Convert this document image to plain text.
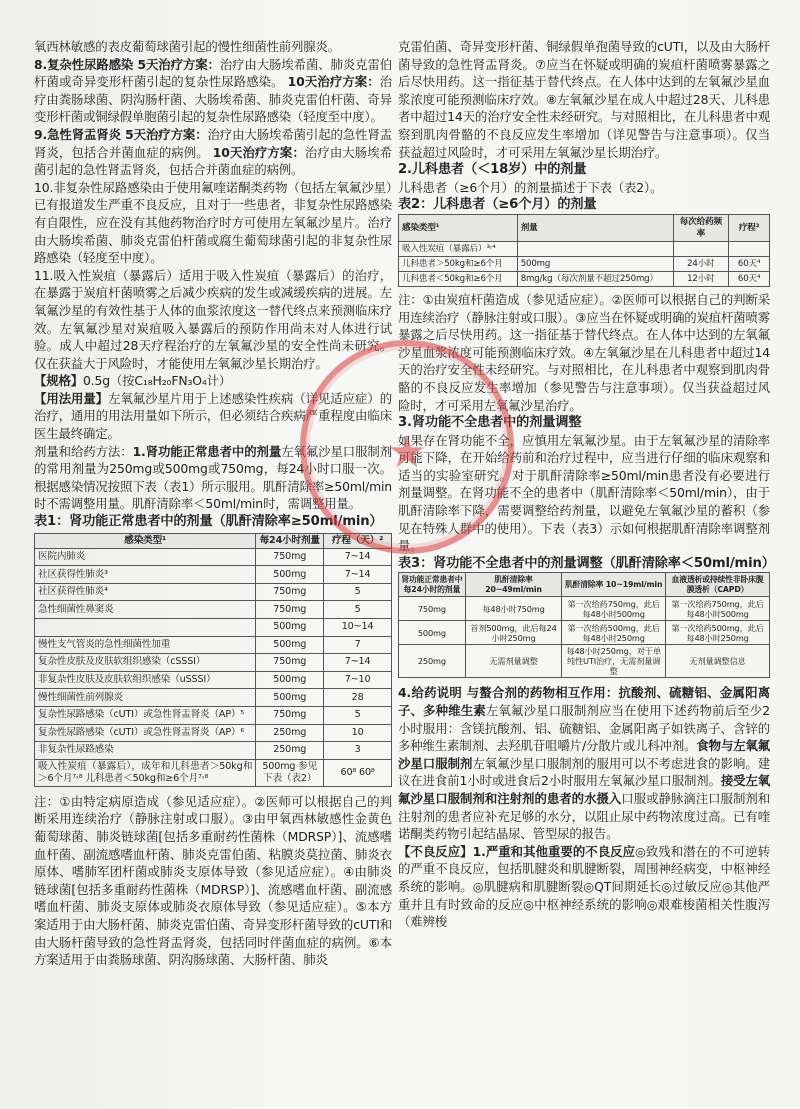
氧西林敏感的表皮葡萄球菌引起的慢性细菌性前列腺炎。

8.复杂性尿路感染 5天治疗方案：治疗由大肠埃希菌、肺炎克雷伯杆菌或奇异变形杆菌引起的复杂性尿路感染。 10天治疗方案：治疗由粪肠球菌、阴沟肠杆菌、大肠埃希菌、肺炎克雷伯杆菌、奇异变形杆菌或铜绿假单胞菌引起的复杂性尿路感染（轻度至中度）。

9.急性肾盂肾炎 5天治疗方案：治疗由大肠埃希菌引起的急性肾盂肾炎，包括合并菌血症的病例。 10天治疗方案：治疗由大肠埃希菌引起的急性肾盂肾炎，包括合并菌血症的病例。

10.非复杂性尿路感染由于使用氟喹诺酮类药物（包括左氧氟沙星）已有报道发生严重不良反应，且对于一些患者，非复杂性尿路感染有自限性，应在没有其他药物治疗时方可使用左氧氟沙星片。治疗由大肠埃希菌、肺炎克雷伯杆菌或腐生葡萄球菌引起的非复杂性尿路感染（轻度至中度）。

11.吸入性炭疽（暴露后）适用于吸入性炭疽（暴露后）的治疗，在暴露于炭疽杆菌喷雾之后减少疾病的发生或减缓疾病的进展。左氧氟沙星的有效性基于人体的血浆浓度这一替代终点来预测临床疗效。左氧氟沙星对炭疽吸入暴露后的预防作用尚未对人体进行试验。成人中超过28天疗程治疗的左氧氟沙星的安全性尚未研究。仅在获益大于风险时，才能使用左氧氟沙星长期治疗。

【规格】0.5g（按C₁₈H₂₀FN₃O₄计）

【用法用量】左氧氟沙星片用于上述感染性疾病（详见适应症）的治疗，通用的用法用量如下所示，但必须结合疾病严重程度由临床医生最终确定。

剂量和给药方法：1.肾功能正常患者中的剂量左氧氟沙星口服制剂的常用剂量为250mg或500mg或750mg，每24小时口服一次。根据感染情况按照下表（表1）所示服用。肌酐清除率≥50ml/min时不需调整用量。肌酐清除率＜50ml/min时，需调整用量。

表1：肾功能正常患者中的剂量（肌酐清除率≥50ml/min）

感染类型¹	每24小时剂量	疗程（天）²
医院内肺炎	750mg	7~14
社区获得性肺炎³	500mg	7~14
社区获得性肺炎⁴	750mg	5
急性细菌性鼻窦炎	750mg	5
	500mg	10~14
慢性支气管炎的急性细菌性加重	500mg	7
复杂性皮肤及皮肤软组织感染（cSSSI）	750mg	7~14
非复杂性皮肤及皮肤软组织感染（uSSSI）	500mg	7~10
慢性细菌性前列腺炎	500mg	28
复杂性尿路感染（cUTI）或急性肾盂肾炎（AP）⁵	750mg	5
复杂性尿路感染（cUTI）或急性肾盂肾炎（AP）⁶	250mg	10
非复杂性尿路感染	250mg	3
吸入性炭疽（暴露后），成年和儿科患者＞50kg和＞6个月⁷˒⁸ 儿科患者＜50kg和≥6个月⁷˒⁸	500mg 参见下表（表2）	60⁸ 60⁸

注：①由特定病原造成（参见适应症）。②医师可以根据自己的判断采用连续治疗（静脉注射或口服）。③由甲氧西林敏感性金黄色葡萄球菌、肺炎链球菌[包括多重耐药性菌株（MDRSP）]、流感嗜血杆菌、副流感嗜血杆菌、肺炎克雷伯菌、粘膜炎莫拉菌、肺炎衣原体、嗜肺军团杆菌或肺炎支原体导致（参见适应症）。④由肺炎链球菌[包括多重耐药性菌株（MDRSP）]、流感嗜血杆菌、副流感嗜血杆菌、肺炎支原体或肺炎衣原体导致（参见适应症）。⑤本方案适用于由大肠杆菌、肺炎克雷伯菌、奇异变形杆菌导致的cUTI和由大肠杆菌导致的急性肾盂肾炎，包括同时伴菌血症的病例。⑥本方案适用于由粪肠球菌、阴沟肠球菌、大肠杆菌、肺炎

克雷伯菌、奇异变形杆菌、铜绿假单孢菌导致的cUTI，以及由大肠杆菌导致的急性肾盂肾炎。⑦应当在怀疑或明确的炭疽杆菌喷雾暴露之后尽快用药。这一指征基于替代终点。在人体中达到的左氧氟沙星血浆浓度可能预测临床疗效。⑧左氧氟沙星在成人中超过28天、儿科患者中超过14天的治疗安全性未经研究。与对照相比，在儿科患者中观察到肌肉骨骼的不良反应发生率增加（详见警告与注意事项）。仅当获益超过风险时，才可采用左氧氟沙星长期治疗。

2.儿科患者（＜18岁）中的剂量

儿科患者（≥6个月）的剂量描述于下表（表2）。

表2：儿科患者（≥6个月）的剂量

感染类型¹	剂量	每次给药频率	疗程²
吸入性炭疽（暴露后）³˒⁴			
儿科患者＞50kg和≥6个月	500mg	24小时	60天⁴
儿科患者＜50kg和≥6个月	8mg/kg（每次剂量不超过250mg）	12小时	60天⁴

注：①由炭疽杆菌造成（参见适应症）。②医师可以根据自己的判断采用连续治疗（静脉注射或口服）。③应当在怀疑或明确的炭疽杆菌喷雾暴露之后尽快用药。这一指征基于替代终点。在人体中达到的左氧氟沙星血浆浓度可能预测临床疗效。④左氧氟沙星在儿科患者中超过14天的治疗安全性未经研究。与对照相比，在儿科患者中观察到肌肉骨骼的不良反应发生率增加（参见警告与注意事项）。仅当获益超过风险时，才可采用左氧氟沙星治疗。

3.肾功能不全患者中的剂量调整

如果存在肾功能不全，应慎用左氧氟沙星。由于左氧氟沙星的清除率可能下降，在开始给药前和治疗过程中，应当进行仔细的临床观察和适当的实验室研究。对于肌酐清除率≥50ml/min患者没有必要进行剂量调整。在肾功能不全的患者中（肌酐清除率＜50ml/min），由于肌酐清除率下降，需要调整给药剂量，以避免左氧氟沙星的蓄积（参见在特殊人群中的使用）。下表（表3）示如何根据肌酐清除率调整剂量。

表3：肾功能不全患者中的剂量调整（肌酐清除率＜50ml/min）

肾功能正常患者中每24小时的剂量	肌酐清除率 20~49ml/min	肌酐清除率 10~19ml/min	血液透析或持续性非卧床腹膜透析（CAPD）
750mg	每48小时750mg	第一次给药750mg，此后每48小时500mg	第一次给药750mg，此后每48小时500mg
500mg	首剂500mg，此后每24小时250mg	第一次给药500mg，此后每48小时250mg	第一次给药500mg，此后每48小时250mg
250mg	无需剂量调整	每48小时250mg，对于单纯性UTI治疗，无需剂量调整	无剂量调整信息

4.给药说明 与螯合剂的药物相互作用：抗酸剂、硫糖铝、金属阳离子、多种维生素左氧氟沙星口服制剂应当在使用下述药物前后至少2小时服用：含镁抗酸剂、铝、硫糖铝、金属阳离子如铁离子、含锌的多种维生素制剂、去羟肌苷咀嚼片/分散片或儿科冲剂。食物与左氧氟沙星口服制剂左氧氟沙星口服制剂的服用可以不考虑进食的影响。建议在进食前1小时或进食后2小时服用左氧氟沙星口服制剂。接受左氧氟沙星口服制剂和注射剂的患者的水摄入口服或静脉滴注口服制剂和注射剂的患者应补充足够的水分，以阻止尿中药物浓度过高。已有喹诺酮类药物引起结晶尿、管型尿的报告。

【不良反应】1.严重和其他重要的不良反应◎致残和潜在的不可逆转的严重不良反应，包括肌腱炎和肌腱断裂，周围神经病变，中枢神经系统的影响。◎肌腱病和肌腱断裂◎QT间期延长◎过敏反应◎其他严重并且有时致命的反应◎中枢神经系统的影响◎艰难梭菌相关性腹泻（难辨梭

★
